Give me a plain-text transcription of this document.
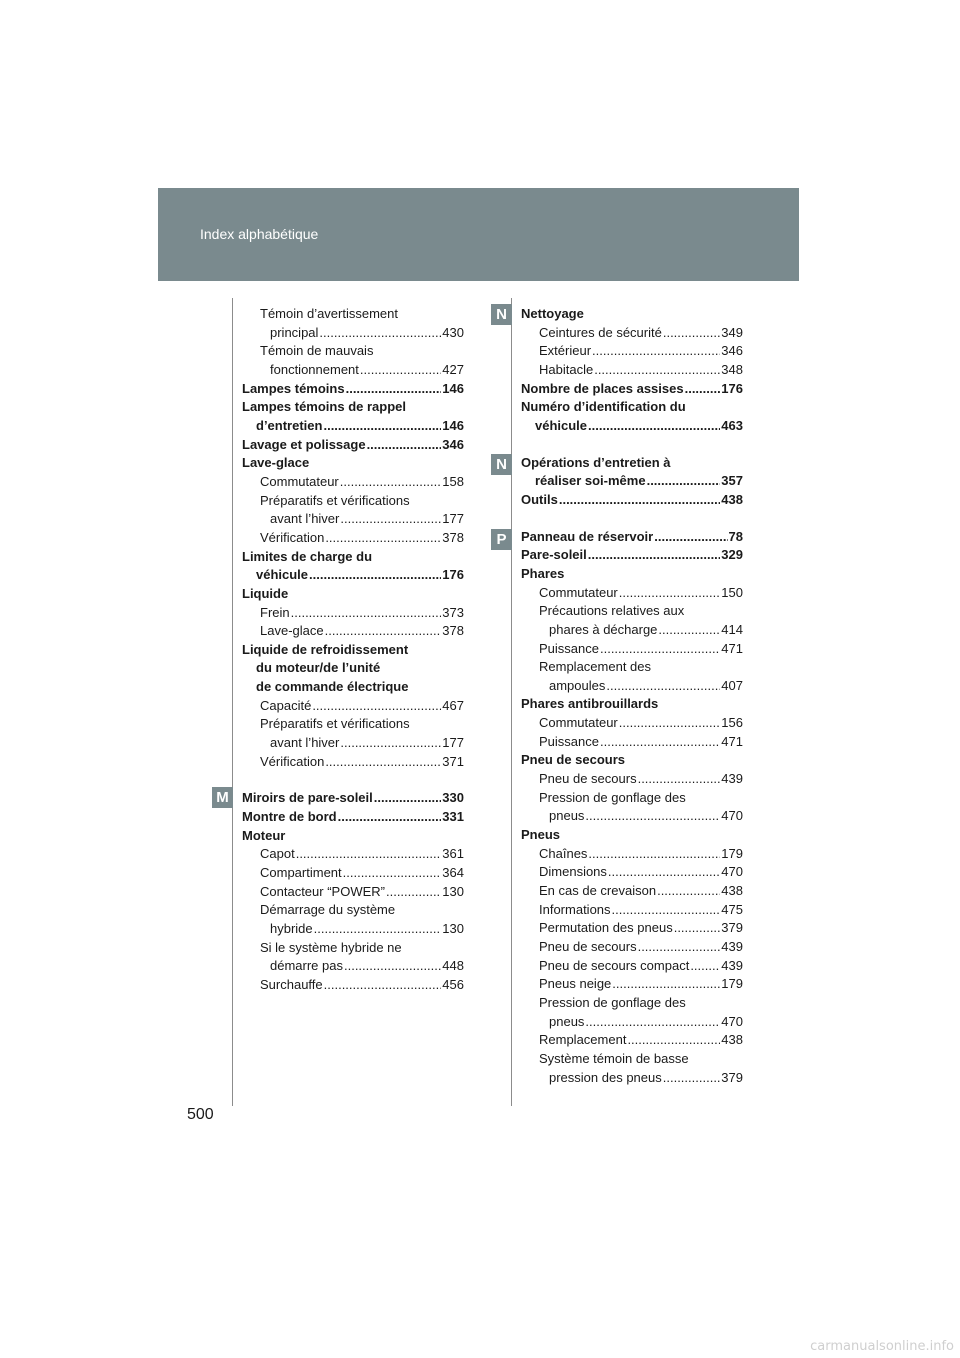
Index alphabétique
M
N
N
P
Témoin d’avertissement
principal .....	430
Témoin de mauvais
fonctionnement .....	427
Lampes témoins .....	146
Lampes témoins de rappel
d’entretien .....	146
Lavage et polissage .....	346
Lave-glace
Commutateur .....	158
Préparatifs et vérifications
avant l’hiver .....	177
Vérification .....	378
Limites de charge du
véhicule .....	176
Liquide
Frein .....	373
Lave-glace .....	378
Liquide de refroidissement
du moteur/de l’unité
de commande électrique
Capacité .....	467
Préparatifs et vérifications
avant l’hiver .....	177
Vérification .....	371
Miroirs de pare-soleil .....	330
Montre de bord .....	331
Moteur
Capot .....	361
Compartiment .....	364
Contacteur “POWER” .....	130
Démarrage du système
hybride .....	130
Si le système hybride ne
démarre pas .....	448
Surchauffe .....	456
Nettoyage
Ceintures de sécurité .....	349
Extérieur .....	346
Habitacle .....	348
Nombre de places assises .....	176
Numéro d’identification du
véhicule .....	463
Opérations d’entretien à
réaliser soi-même .....	357
Outils .....	438
Panneau de réservoir .....	78
Pare-soleil .....	329
Phares
Commutateur .....	150
Précautions relatives aux
phares à décharge .....	414
Puissance .....	471
Remplacement des
ampoules .....	407
Phares antibrouillards
Commutateur .....	156
Puissance .....	471
Pneu de secours
Pneu de secours .....	439
Pression de gonflage des
pneus .....	470
Pneus
Chaînes .....	179
Dimensions .....	470
En cas de crevaison .....	438
Informations .....	475
Permutation des pneus .....	379
Pneu de secours .....	439
Pneu de secours compact ..... 439
Pneus neige .....	179
Pression de gonflage des
pneus .....	470
Remplacement .....	438
Système témoin de basse
pression des pneus .....	379
500
carmanualsonline.info
